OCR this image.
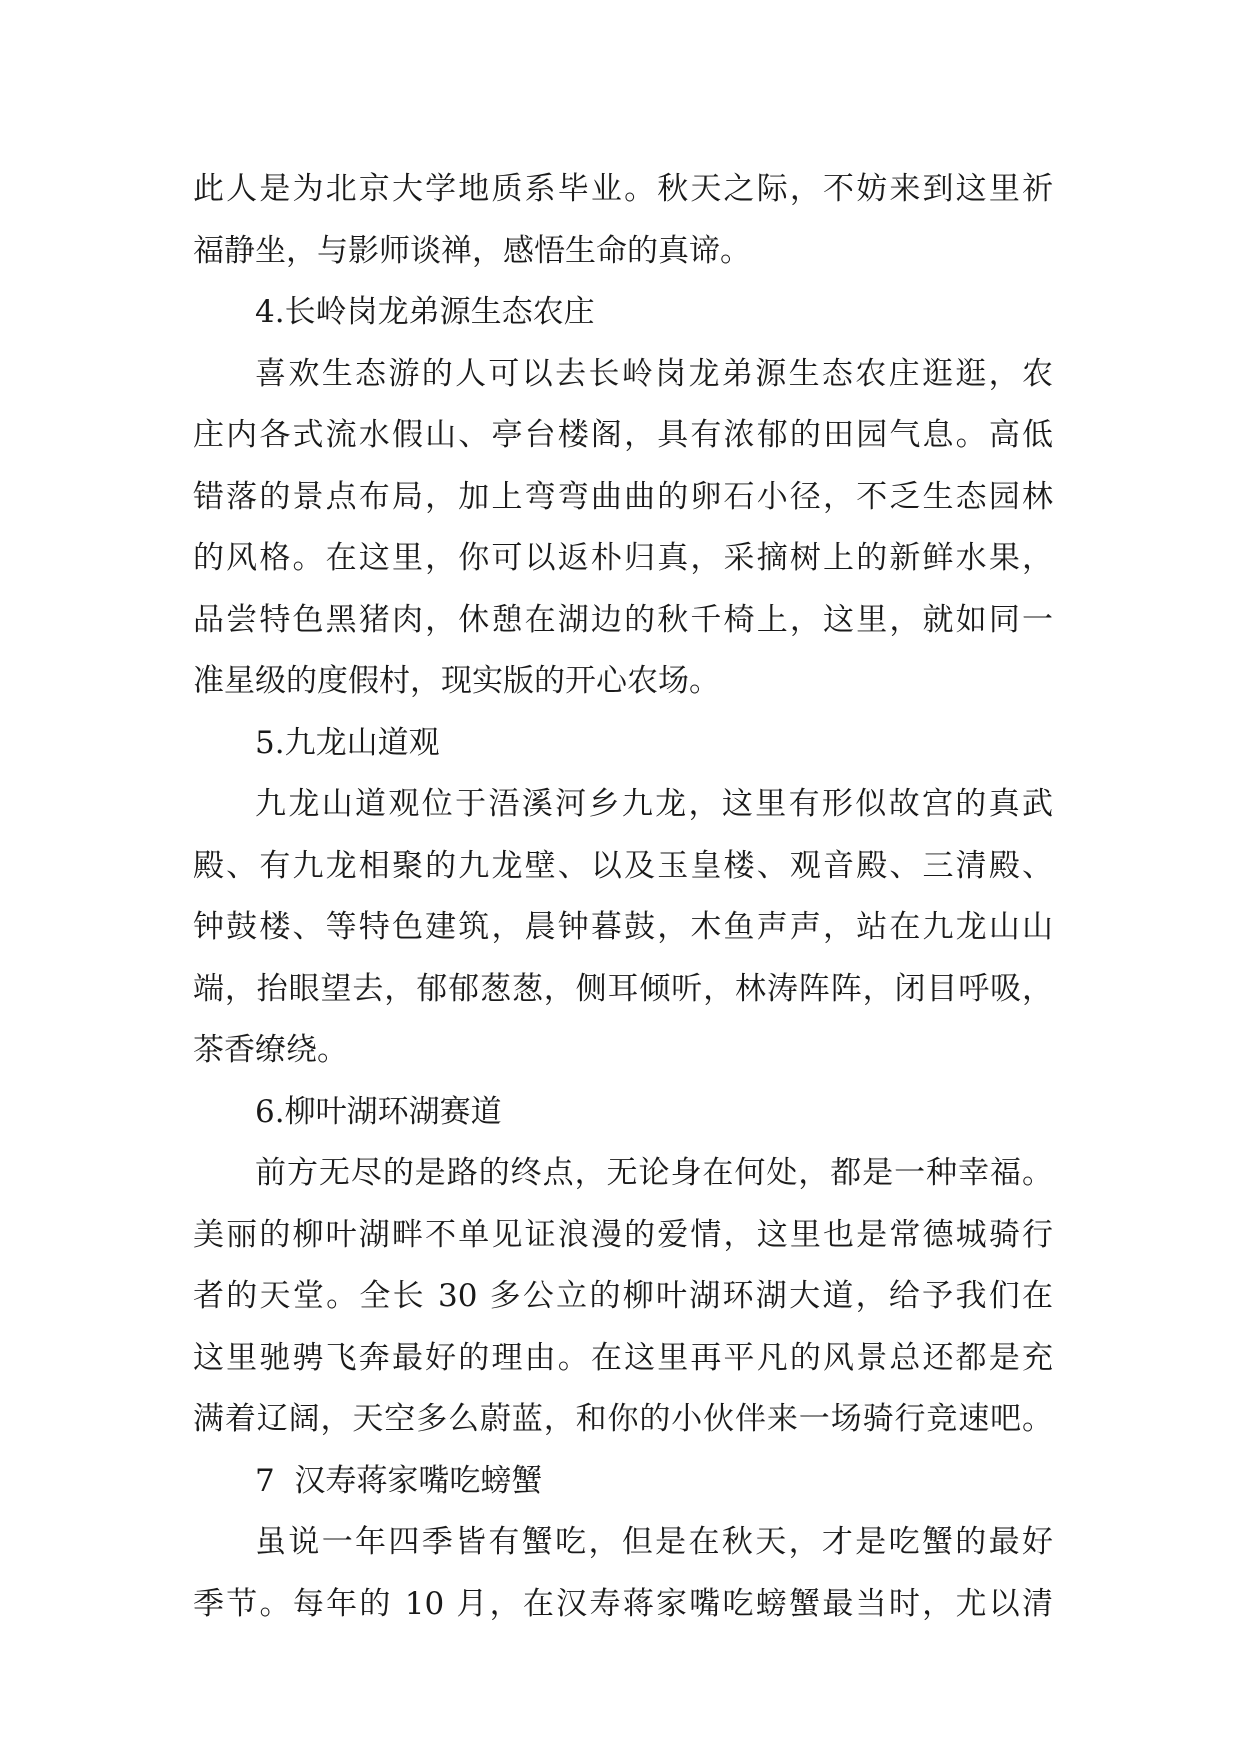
此人是为北京大学地质系毕业。秋天之际，不妨来到这里祈
福静坐，与影师谈禅，感悟生命的真谛。
4.长岭岗龙弟源生态农庄
喜欢生态游的人可以去长岭岗龙弟源生态农庄逛逛，农
庄内各式流水假山、亭台楼阁，具有浓郁的田园气息。高低
错落的景点布局，加上弯弯曲曲的卵石小径，不乏生态园林
的风格。在这里，你可以返朴归真，采摘树上的新鲜水果，
品尝特色黑猪肉，休憩在湖边的秋千椅上，这里，就如同一
准星级的度假村，现实版的开心农场。
5.九龙山道观
九龙山道观位于浯溪河乡九龙，这里有形似故宫的真武
殿、有九龙相聚的九龙壁、以及玉皇楼、观音殿、三清殿、
钟鼓楼、等特色建筑，晨钟暮鼓，木鱼声声，站在九龙山山
端，抬眼望去，郁郁葱葱，侧耳倾听，林涛阵阵，闭目呼吸，
茶香缭绕。
6.柳叶湖环湖赛道
前方无尽的是路的终点，无论身在何处，都是一种幸福。
美丽的柳叶湖畔不单见证浪漫的爱情，这里也是常德城骑行
者的天堂。全长 30 多公立的柳叶湖环湖大道，给予我们在
这里驰骋飞奔最好的理由。在这里再平凡的风景总还都是充
满着辽阔，天空多么蔚蓝，和你的小伙伴来一场骑行竞速吧。
7  汉寿蒋家嘴吃螃蟹
虽说一年四季皆有蟹吃，但是在秋天，才是吃蟹的最好
季节。每年的 10 月，在汉寿蒋家嘴吃螃蟹最当时，尤以清
